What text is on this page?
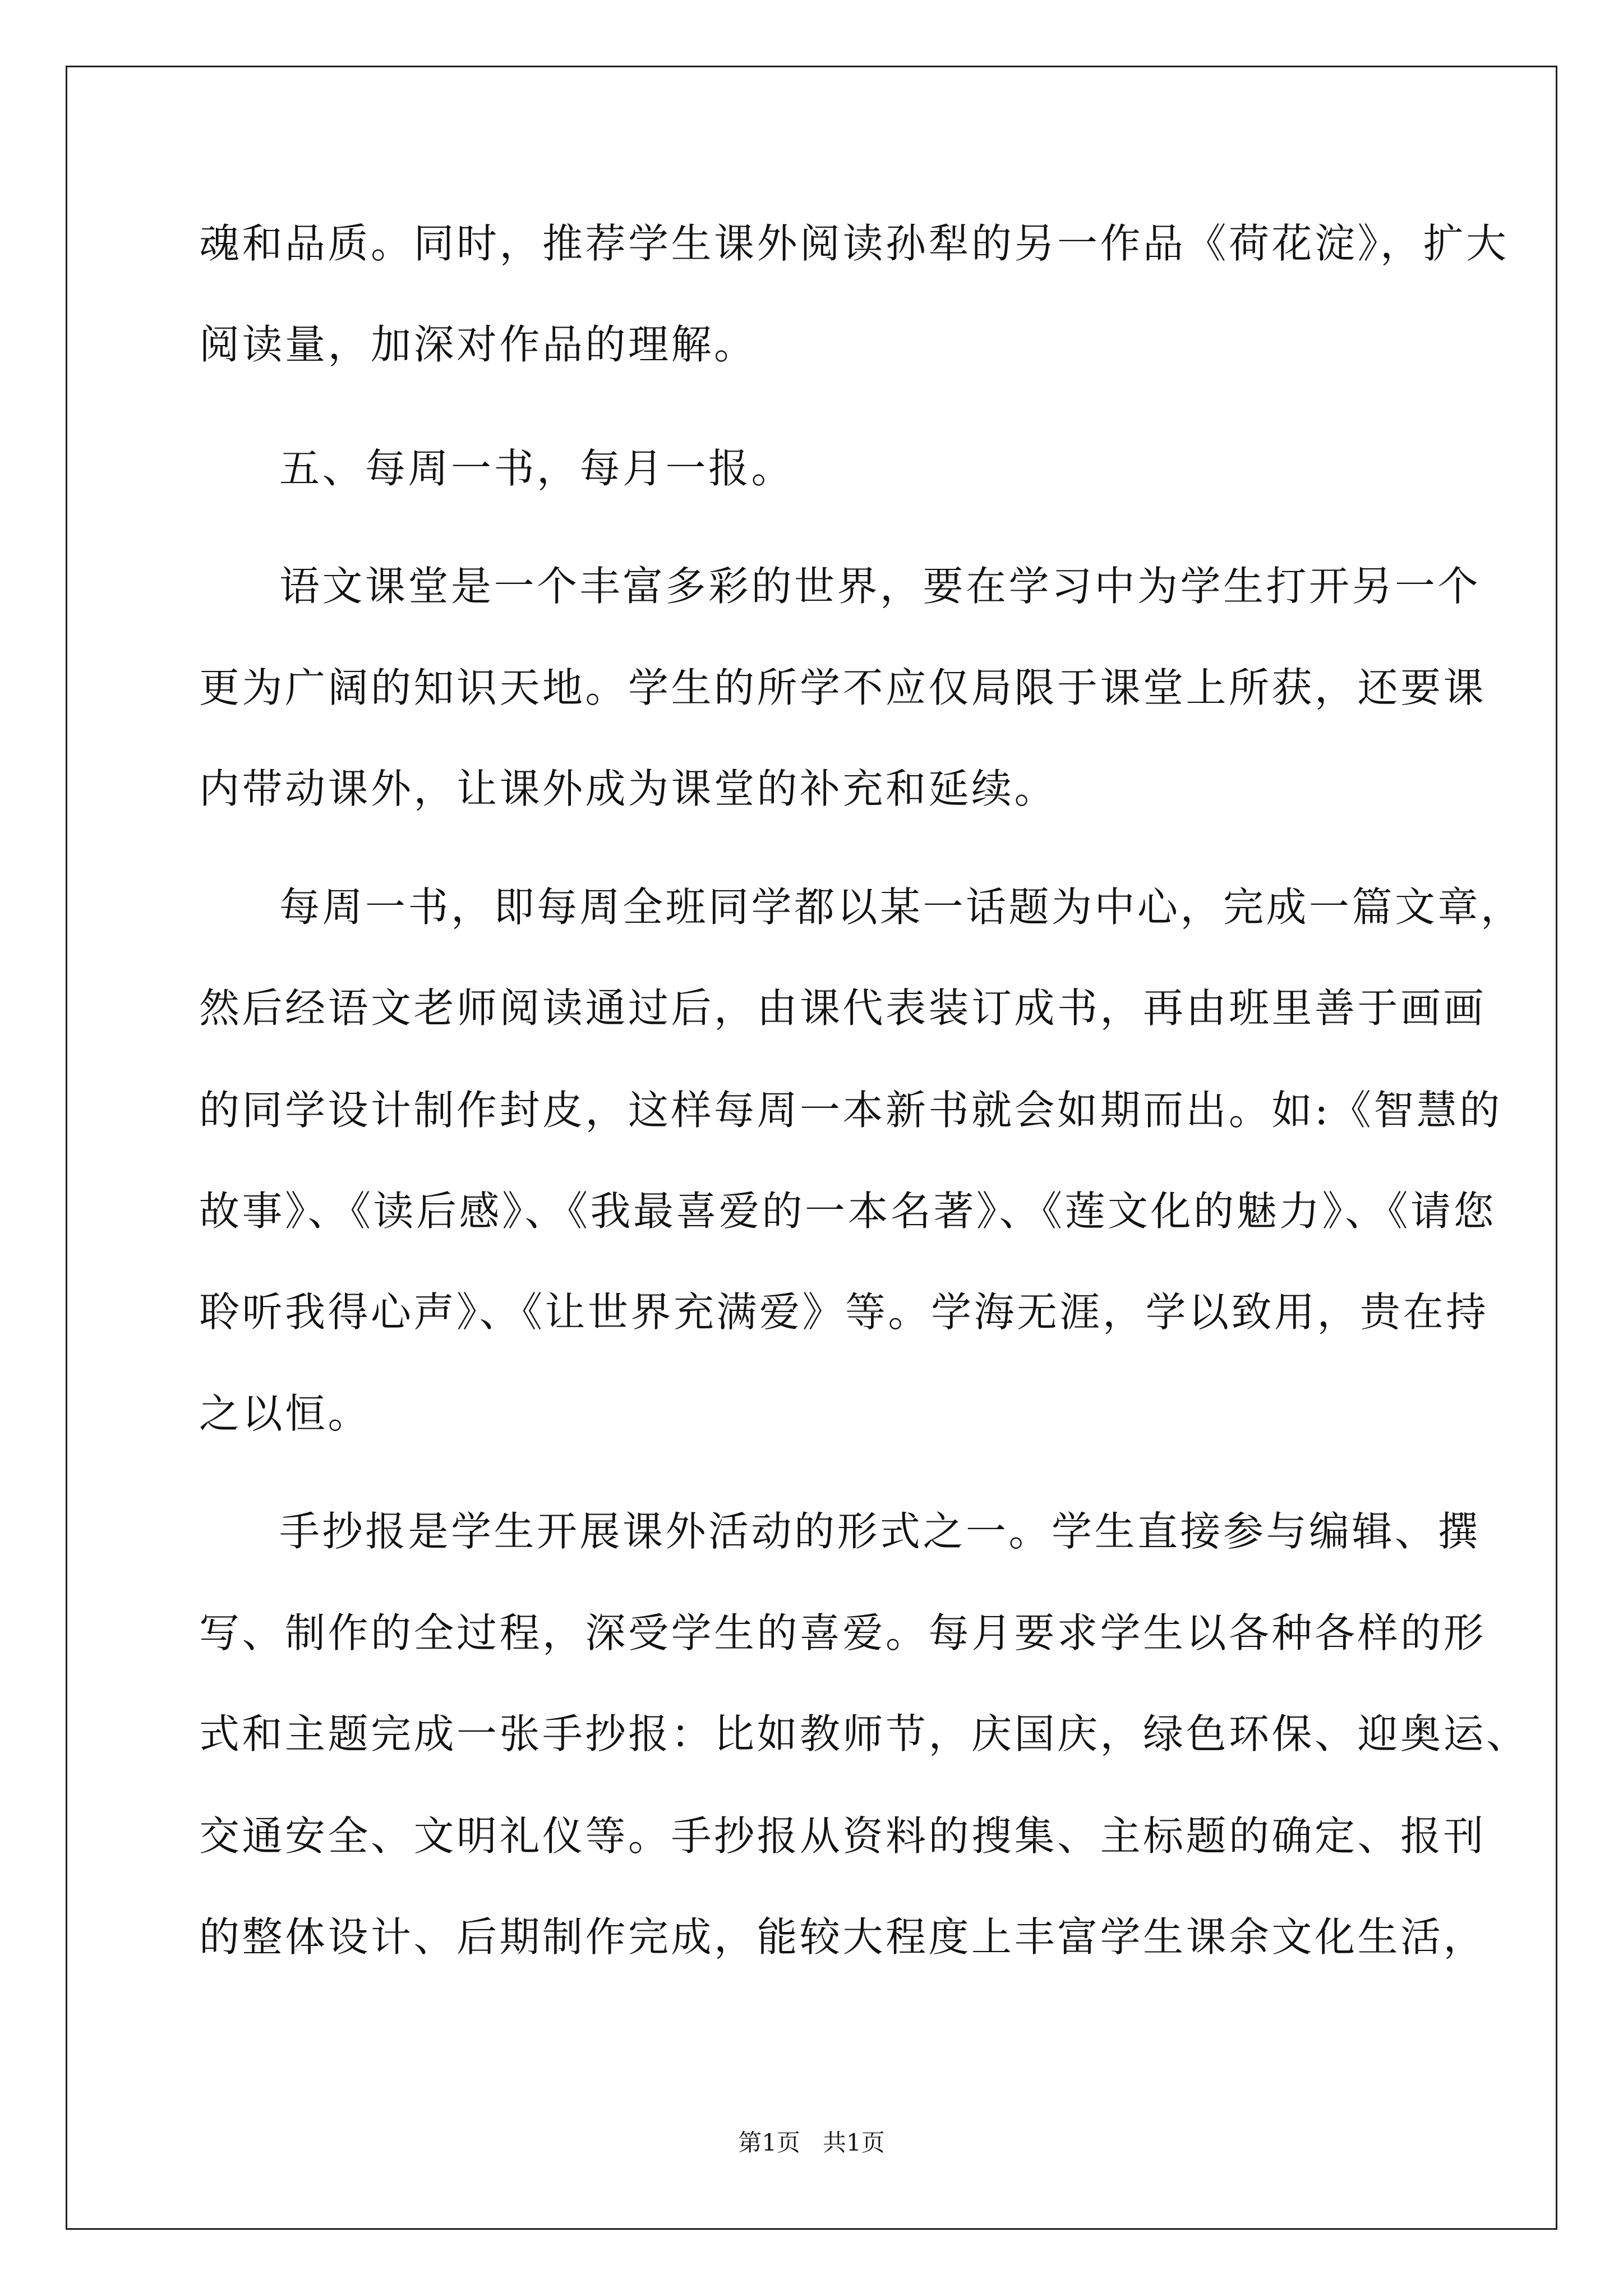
魂和品质。同时，推荐学生课外阅读孙犁的另一作品《荷花淀》，扩大
阅读量，加深对作品的理解。
五、每周一书，每月一报。
语文课堂是一个丰富多彩的世界，要在学习中为学生打开另一个
更为广阔的知识天地。学生的所学不应仅局限于课堂上所获，还要课
内带动课外，让课外成为课堂的补充和延续。
每周一书，即每周全班同学都以某一话题为中心，完成一篇文章，
然后经语文老师阅读通过后，由课代表装订成书，再由班里善于画画
的同学设计制作封皮，这样每周一本新书就会如期而出。如:《智慧的
故事》、《读后感》、《我最喜爱的一本名著》、《莲文化的魅力》、《请您
聆听我得心声》、《让世界充满爱》等。学海无涯，学以致用，贵在持
之以恒。
手抄报是学生开展课外活动的形式之一。学生直接参与编辑、撰
写、制作的全过程，深受学生的喜爱。每月要求学生以各种各样的形
式和主题完成一张手抄报：比如教师节，庆国庆，绿色环保、迎奥运、
交通安全、文明礼仪等。手抄报从资料的搜集、主标题的确定、报刊
的整体设计、后期制作完成，能较大程度上丰富学生课余文化生活，
第1页   共1页
